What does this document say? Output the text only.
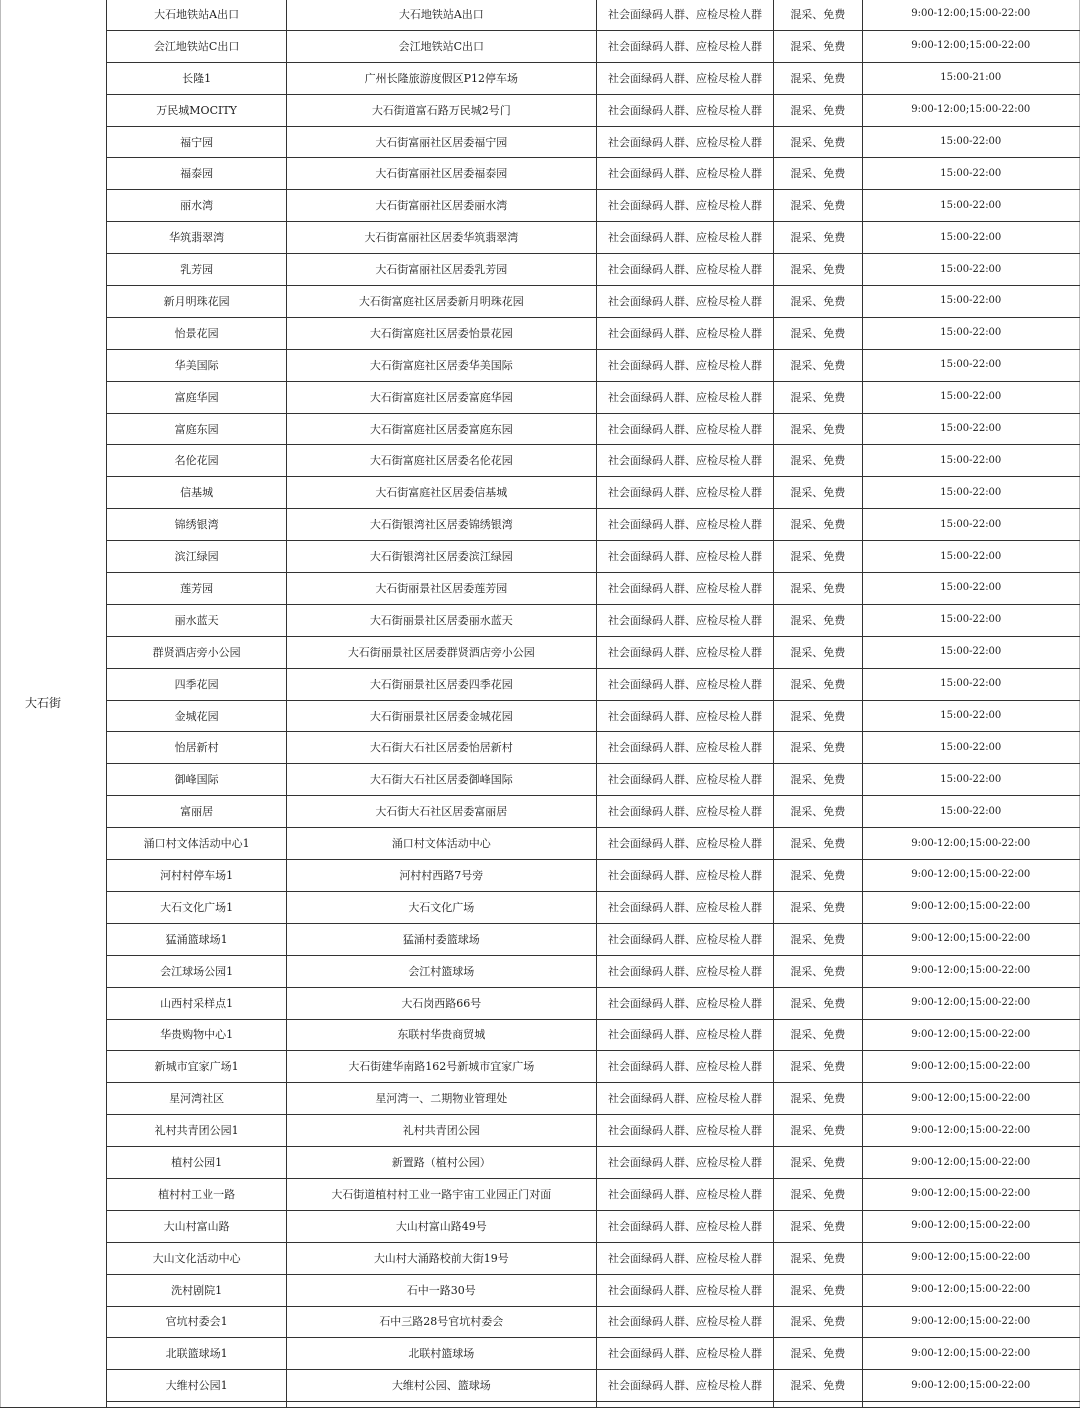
大石街	大石地铁站A出口	大石地铁站A出口	社会面绿码人群、应检尽检人群	混采、免费	9:00-12:00;15:00-22:00
	会江地铁站C出口	会江地铁站C出口	社会面绿码人群、应检尽检人群	混采、免费	9:00-12:00;15:00-22:00
	长隆1	广州长隆旅游度假区P12停车场	社会面绿码人群、应检尽检人群	混采、免费	15:00-21:00
	万民城MOCITY	大石街道富石路万民城2号门	社会面绿码人群、应检尽检人群	混采、免费	9:00-12:00;15:00-22:00
	福宁园	大石街富丽社区居委福宁园	社会面绿码人群、应检尽检人群	混采、免费	15:00-22:00
	福泰园	大石街富丽社区居委福泰园	社会面绿码人群、应检尽检人群	混采、免费	15:00-22:00
	丽水湾	大石街富丽社区居委丽水湾	社会面绿码人群、应检尽检人群	混采、免费	15:00-22:00
	华筑翡翠湾	大石街富丽社区居委华筑翡翠湾	社会面绿码人群、应检尽检人群	混采、免费	15:00-22:00
	乳芳园	大石街富丽社区居委乳芳园	社会面绿码人群、应检尽检人群	混采、免费	15:00-22:00
	新月明珠花园	大石街富庭社区居委新月明珠花园	社会面绿码人群、应检尽检人群	混采、免费	15:00-22:00
	怡景花园	大石街富庭社区居委怡景花园	社会面绿码人群、应检尽检人群	混采、免费	15:00-22:00
	华美国际	大石街富庭社区居委华美国际	社会面绿码人群、应检尽检人群	混采、免费	15:00-22:00
	富庭华园	大石街富庭社区居委富庭华园	社会面绿码人群、应检尽检人群	混采、免费	15:00-22:00
	富庭东园	大石街富庭社区居委富庭东园	社会面绿码人群、应检尽检人群	混采、免费	15:00-22:00
	名伦花园	大石街富庭社区居委名伦花园	社会面绿码人群、应检尽检人群	混采、免费	15:00-22:00
	信基城	大石街富庭社区居委信基城	社会面绿码人群、应检尽检人群	混采、免费	15:00-22:00
	锦绣银湾	大石街银湾社区居委锦绣银湾	社会面绿码人群、应检尽检人群	混采、免费	15:00-22:00
	滨江绿园	大石街银湾社区居委滨江绿园	社会面绿码人群、应检尽检人群	混采、免费	15:00-22:00
	莲芳园	大石街丽景社区居委莲芳园	社会面绿码人群、应检尽检人群	混采、免费	15:00-22:00
	丽水蓝天	大石街丽景社区居委丽水蓝天	社会面绿码人群、应检尽检人群	混采、免费	15:00-22:00
	群贤酒店旁小公园	大石街丽景社区居委群贤酒店旁小公园	社会面绿码人群、应检尽检人群	混采、免费	15:00-22:00
	四季花园	大石街丽景社区居委四季花园	社会面绿码人群、应检尽检人群	混采、免费	15:00-22:00
	金城花园	大石街丽景社区居委金城花园	社会面绿码人群、应检尽检人群	混采、免费	15:00-22:00
	怡居新村	大石街大石社区居委怡居新村	社会面绿码人群、应检尽检人群	混采、免费	15:00-22:00
	御峰国际	大石街大石社区居委御峰国际	社会面绿码人群、应检尽检人群	混采、免费	15:00-22:00
	富丽居	大石街大石社区居委富丽居	社会面绿码人群、应检尽检人群	混采、免费	15:00-22:00
	涌口村文体活动中心1	涌口村文体活动中心	社会面绿码人群、应检尽检人群	混采、免费	9:00-12:00;15:00-22:00
	河村村停车场1	河村村西路7号旁	社会面绿码人群、应检尽检人群	混采、免费	9:00-12:00;15:00-22:00
	大石文化广场1	大石文化广场	社会面绿码人群、应检尽检人群	混采、免费	9:00-12:00;15:00-22:00
	猛涌篮球场1	猛涌村委篮球场	社会面绿码人群、应检尽检人群	混采、免费	9:00-12:00;15:00-22:00
	会江球场公园1	会江村篮球场	社会面绿码人群、应检尽检人群	混采、免费	9:00-12:00;15:00-22:00
	山西村采样点1	大石岗西路66号	社会面绿码人群、应检尽检人群	混采、免费	9:00-12:00;15:00-22:00
	华贵购物中心1	东联村华贵商贸城	社会面绿码人群、应检尽检人群	混采、免费	9:00-12:00;15:00-22:00
	新城市宜家广场1	大石街建华南路162号新城市宜家广场	社会面绿码人群、应检尽检人群	混采、免费	9:00-12:00;15:00-22:00
	星河湾社区	星河湾一、二期物业管理处	社会面绿码人群、应检尽检人群	混采、免费	9:00-12:00;15:00-22:00
	礼村共青团公园1	礼村共青团公园	社会面绿码人群、应检尽检人群	混采、免费	9:00-12:00;15:00-22:00
	植村公园1	新置路（植村公园）	社会面绿码人群、应检尽检人群	混采、免费	9:00-12:00;15:00-22:00
	植村村工业一路	大石街道植村村工业一路宇宙工业园正门对面	社会面绿码人群、应检尽检人群	混采、免费	9:00-12:00;15:00-22:00
	大山村富山路	大山村富山路49号	社会面绿码人群、应检尽检人群	混采、免费	9:00-12:00;15:00-22:00
	大山文化活动中心	大山村大涌路校前大街19号	社会面绿码人群、应检尽检人群	混采、免费	9:00-12:00;15:00-22:00
	洗村剧院1	石中一路30号	社会面绿码人群、应检尽检人群	混采、免费	9:00-12:00;15:00-22:00
	官坑村委会1	石中三路28号官坑村委会	社会面绿码人群、应检尽检人群	混采、免费	9:00-12:00;15:00-22:00
	北联篮球场1	北联村篮球场	社会面绿码人群、应检尽检人群	混采、免费	9:00-12:00;15:00-22:00
	大维村公园1	大维村公园、篮球场	社会面绿码人群、应检尽检人群	混采、免费	9:00-12:00;15:00-22:00
